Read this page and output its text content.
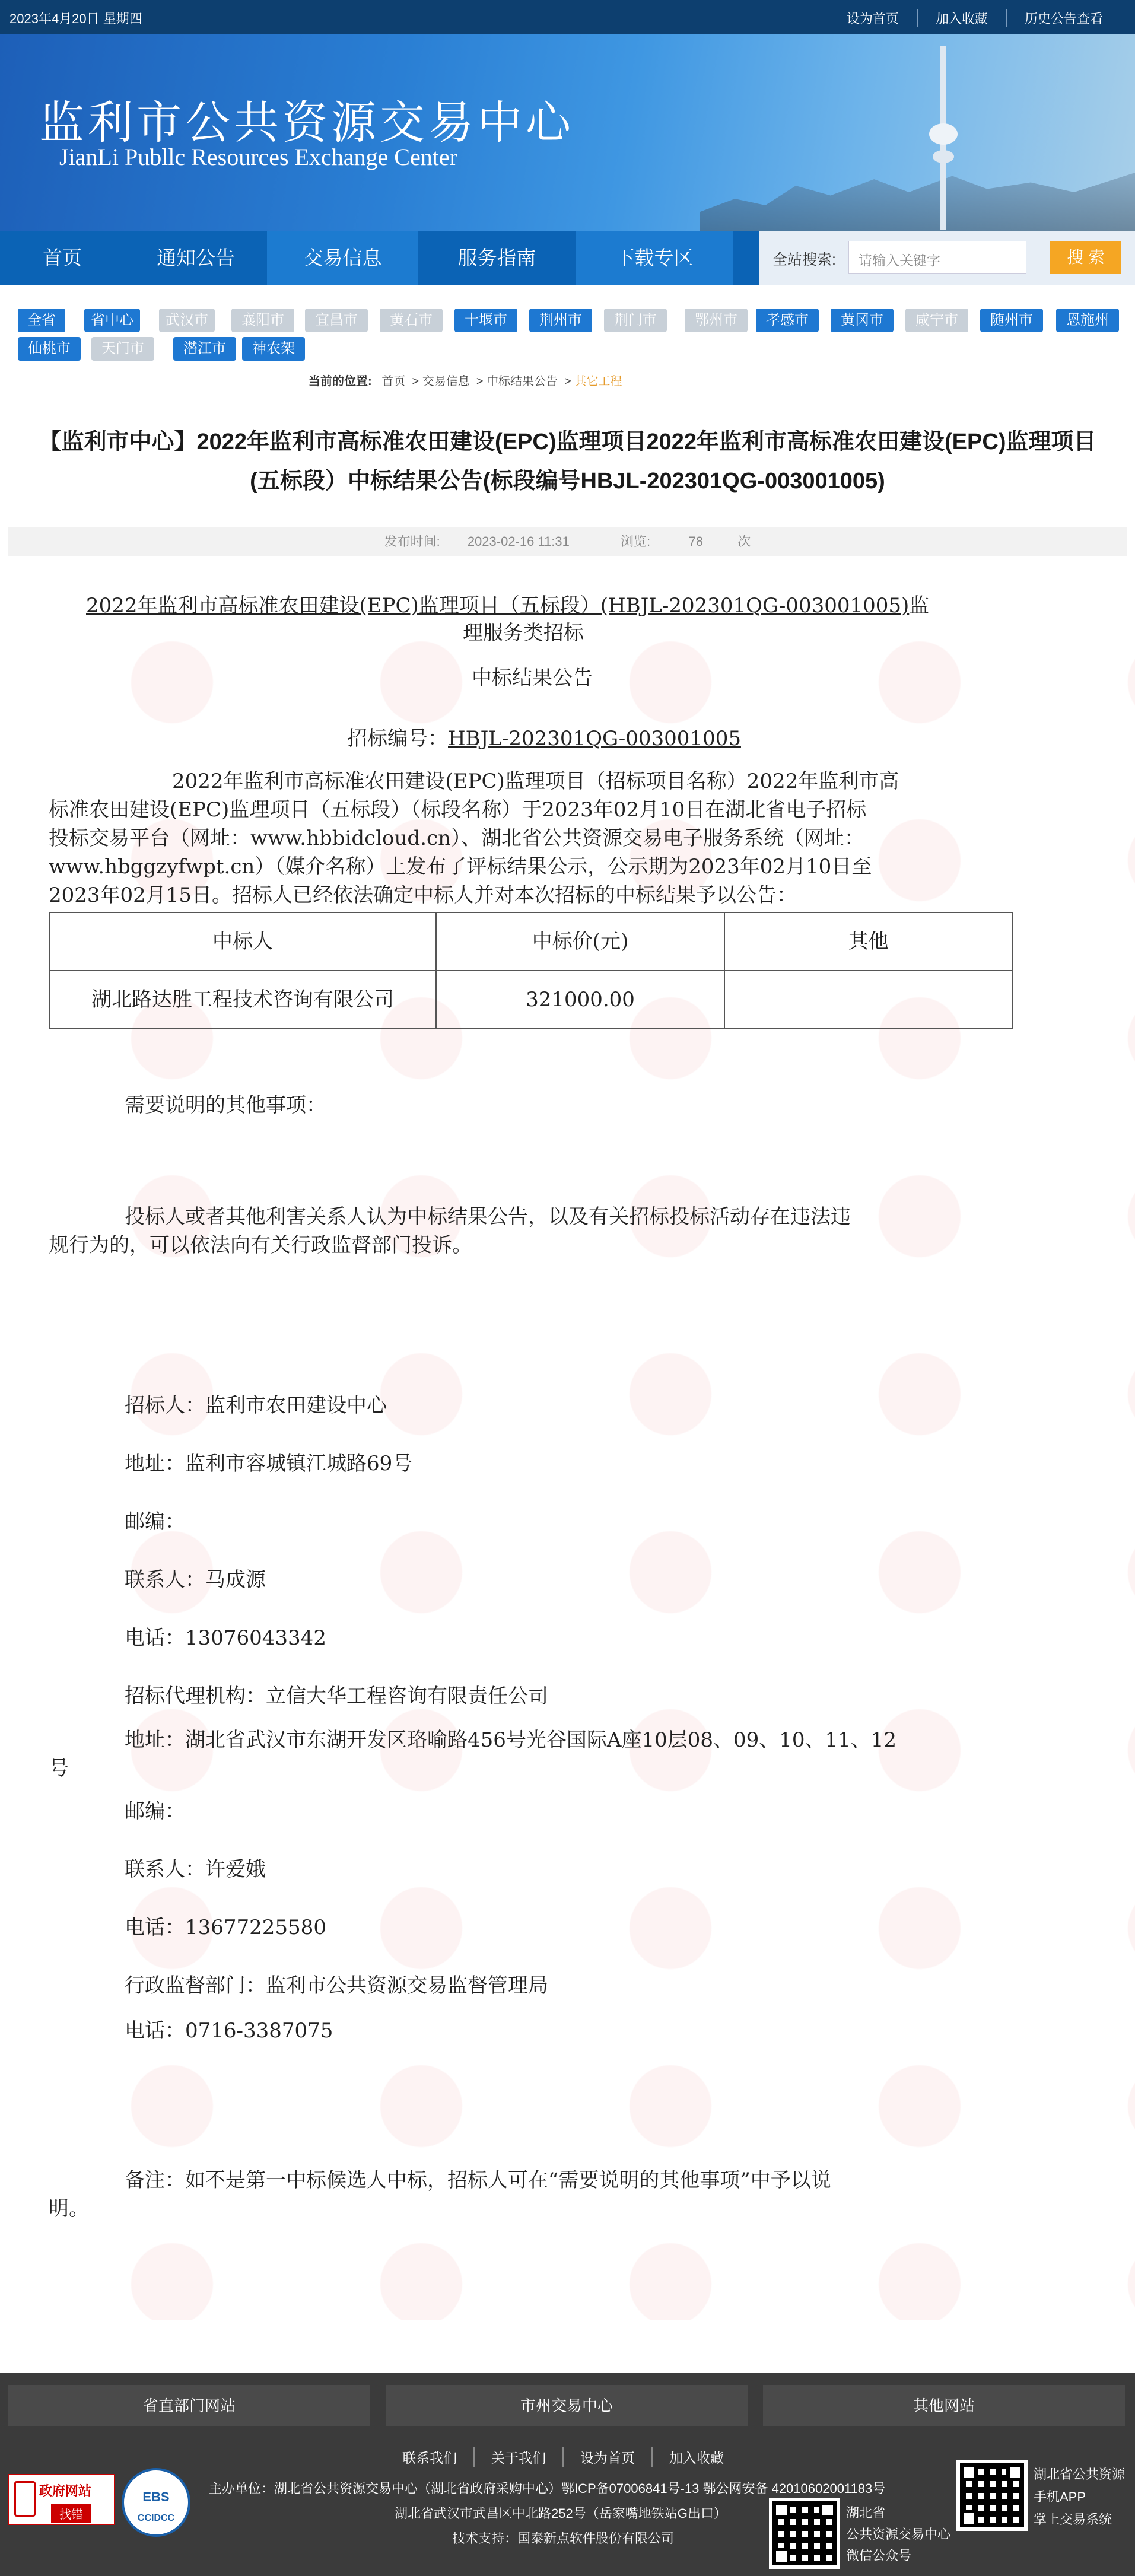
2023年4月20日 星期四	设为首页	加入收藏	历史公告查看
监利市公共资源交易中心
JianLi Publlc Resources Exchange Center
首页	通知公告	交易信息	服务指南	下载专区	全站搜索:	请输入关键字	搜 索
全省	省中心	武汉市	襄阳市	宜昌市	黄石市	十堰市	荆州市	荆门市	鄂州市	孝感市	黄冈市	咸宁市	随州市	恩施州
仙桃市	天门市	潜江市	神农架
当前的位置: 首页  > 交易信息  > 中标结果公告  > 其它工程
【监利市中心】2022年监利市高标准农田建设(EPC)监理项目2022年监利市高标准农田建设(EPC)监理项目
(五标段）中标结果公告(标段编号HBJL-202301QG-003001005)
发布时间: 2023-02-16 11:31	浏览:	78	次
2022年监利市高标准农田建设(EPC)监理项目（五标段）(HBJL-202301QG-003001005)监
理服务类招标
中标结果公告
招标编号：HBJL-202301QG-003001005
2022年监利市高标准农田建设(EPC)监理项目（招标项目名称）2022年监利市高
标准农田建设(EPC)监理项目（五标段）（标段名称）于2023年02月10日在湖北省电子招标
投标交易平台（网址：www.hbbidcloud.cn）、湖北省公共资源交易电子服务系统（网址：
www.hbggzyfwpt.cn）（媒介名称）上发布了评标结果公示，公示期为2023年02月10日至
2023年02月15日。招标人已经依法确定中标人并对本次招标的中标结果予以公告：
中标人	中标价(元)	其他
湖北路达胜工程技术咨询有限公司	321000.00	
需要说明的其他事项：
投标人或者其他利害关系人认为中标结果公告，以及有关招标投标活动存在违法违
规行为的，可以依法向有关行政监督部门投诉。
招标人：监利市农田建设中心
地址：监利市容城镇江城路69号
邮编：
联系人：马成源
电话：13076043342
招标代理机构：立信大华工程咨询有限责任公司
地址：湖北省武汉市东湖开发区珞喻路456号光谷国际A座10层08、09、10、11、12
号
邮编：
联系人：许爱娥
电话：13677225580
行政监督部门：监利市公共资源交易监督管理局
电话：0716-3387075
备注：如不是第一中标候选人中标，招标人可在“需要说明的其他事项”中予以说
明。
省直部门网站	市州交易中心	其他网站
联系我们	关于我们	设为首页	加入收藏
主办单位：湖北省公共资源交易中心（湖北省政府采购中心）鄂ICP备07006841号-13 鄂公网安备 42010602001183号
湖北省武汉市武昌区中北路252号（岳家嘴地铁站G出口）
技术支持：国泰新点软件股份有限公司
政府网站
找错
EBS
CCIDCC	湖北省
公共资源交易中心
微信公众号
湖北省公共资源
手机APP
掌上交易系统
